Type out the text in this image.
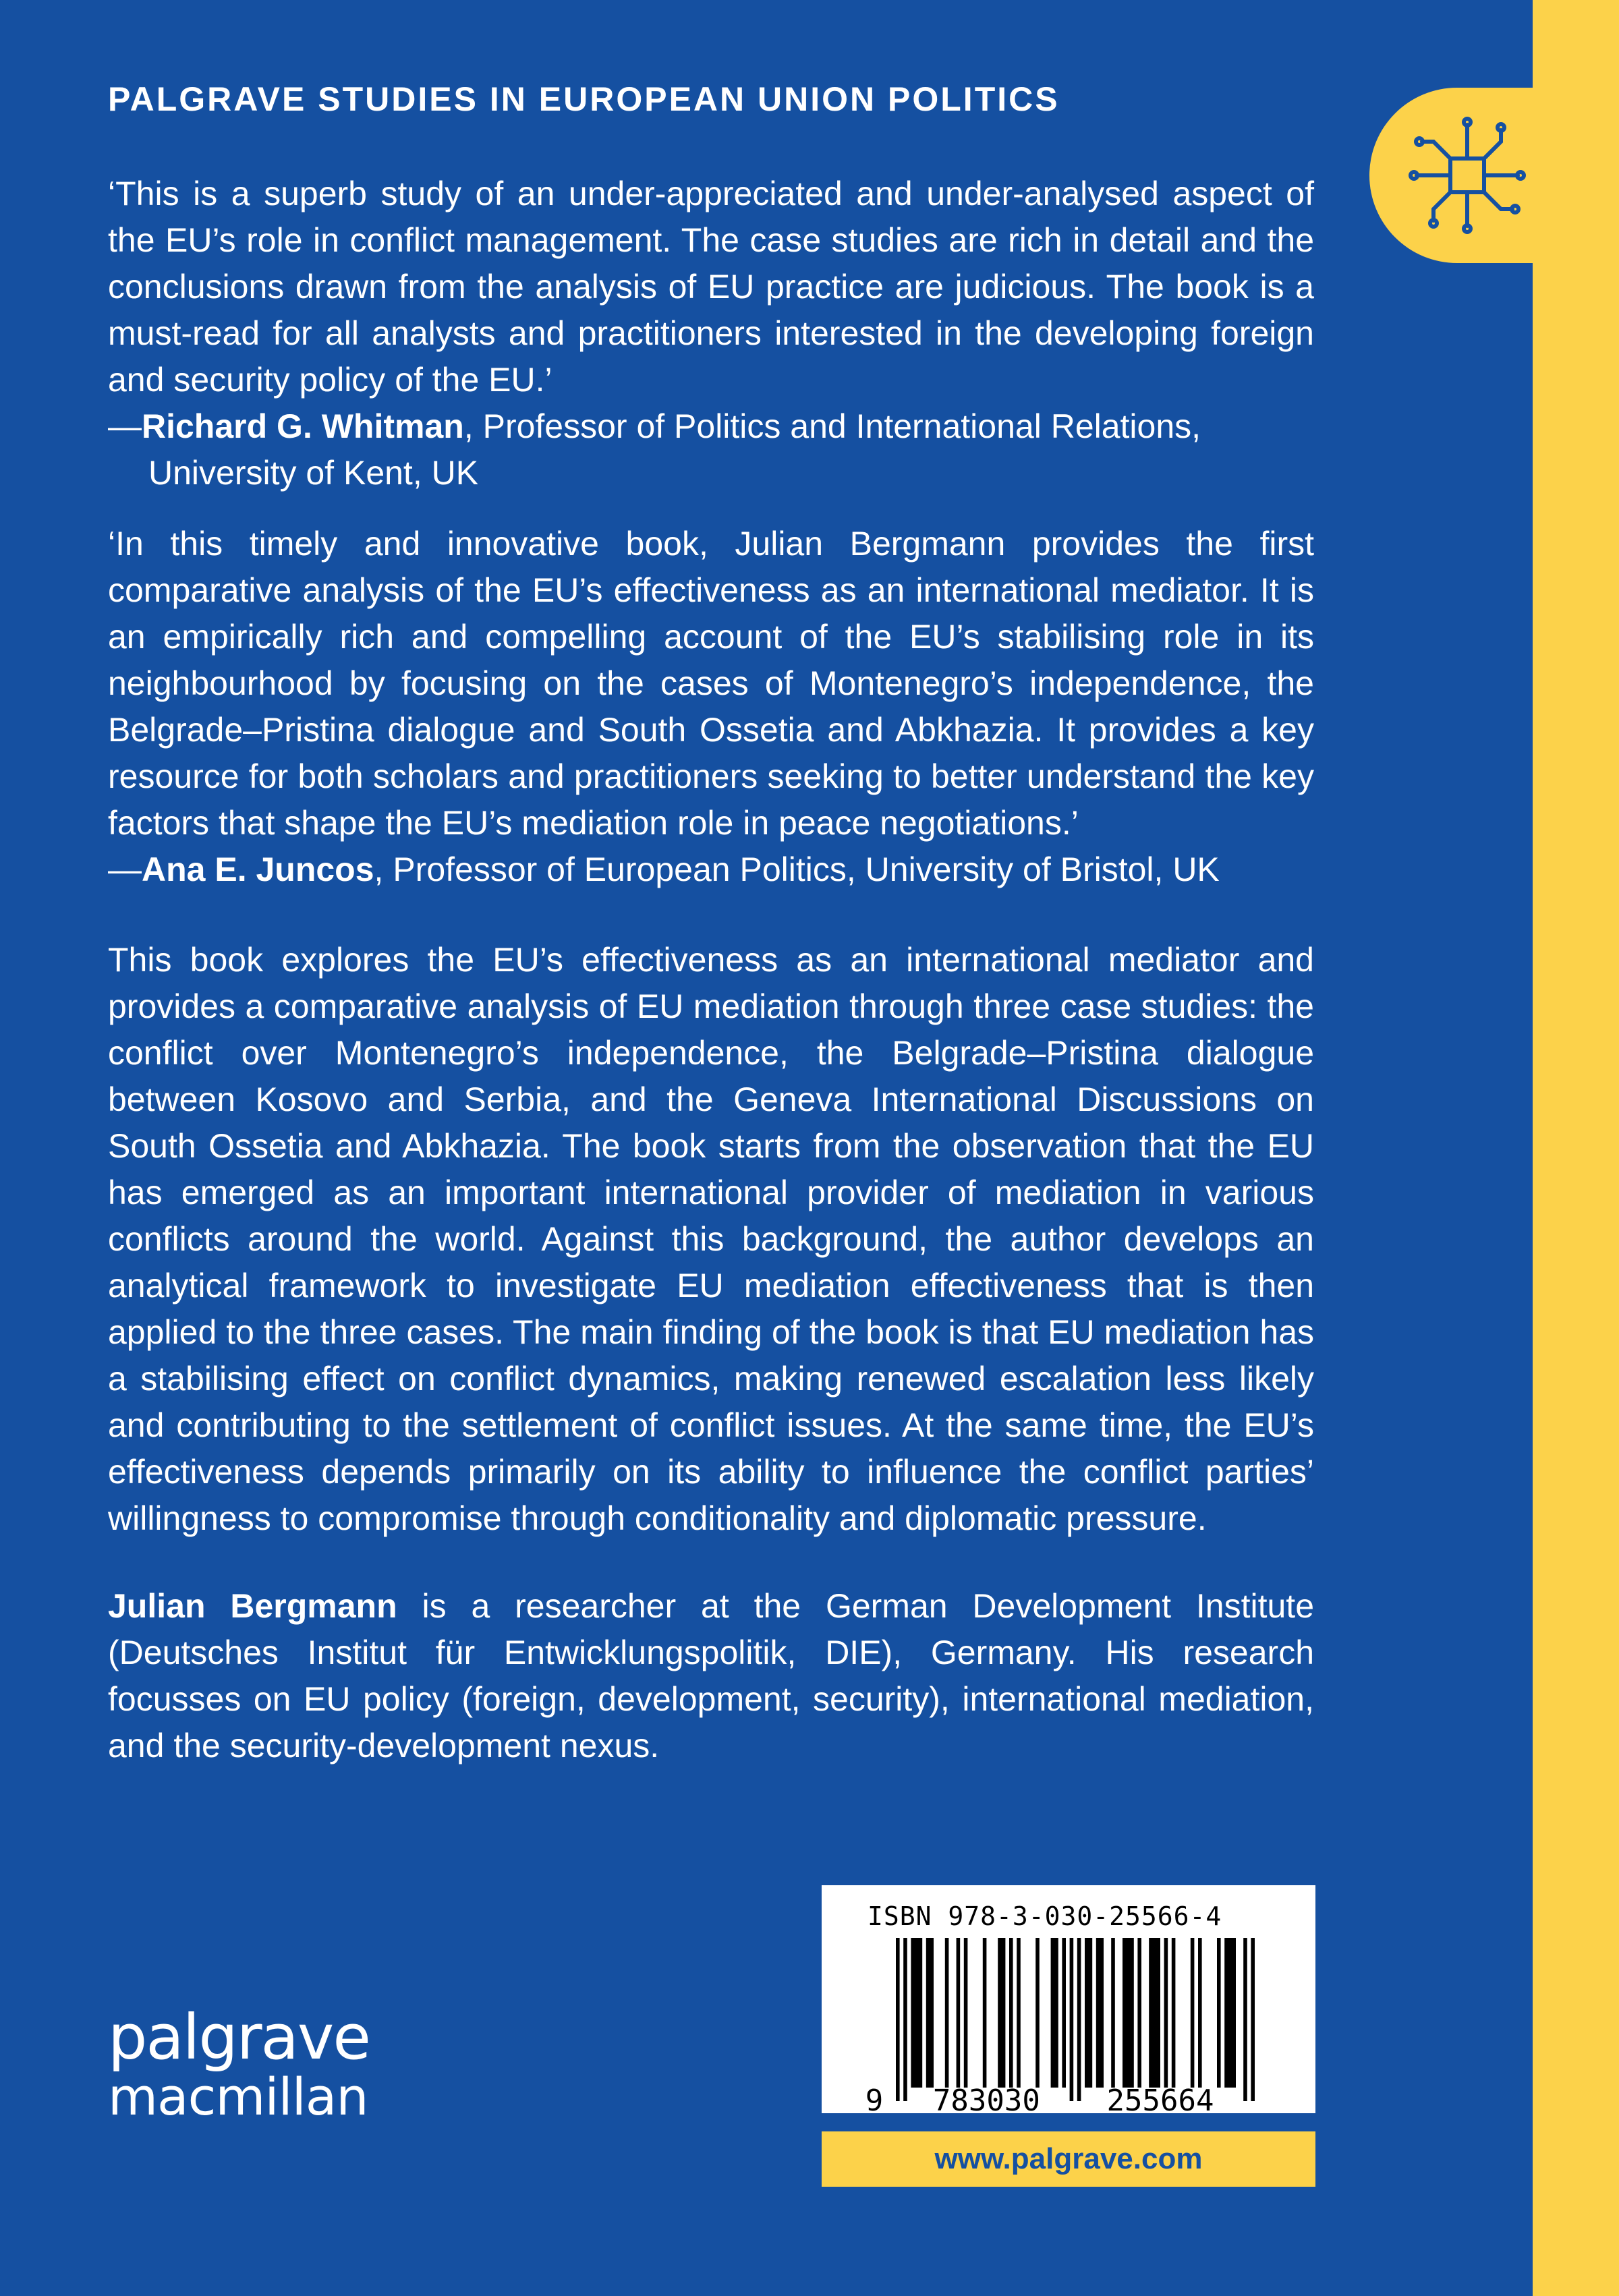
PALGRAVE STUDIES IN EUROPEAN UNION POLITICS
‘This is a superb study of an under-appreciated and under-analysed aspect of the EU’s role in conflict management. The case studies are rich in detail and the conclusions drawn from the analysis of EU practice are judicious. The book is a must-read for all analysts and practitioners interested in the developing foreign and security policy of the EU.’
—Richard G. Whitman, Professor of Politics and International Relations,
University of Kent, UK
‘In this timely and innovative book, Julian Bergmann provides the first comparative analysis of the EU’s effectiveness as an international mediator. It is an empirically rich and compelling account of the EU’s stabilising role in its neighbourhood by focusing on the cases of Montenegro’s independence, the Belgrade–Pristina dialogue and South Ossetia and Abkhazia. It provides a key resource for both scholars and practitioners seeking to better understand the key factors that shape the EU’s mediation role in peace negotiations.’
—Ana E. Juncos, Professor of European Politics, University of Bristol, UK
This book explores the EU’s effectiveness as an international mediator and provides a comparative analysis of EU mediation through three case studies: the conflict over Montenegro’s independence, the Belgrade–Pristina dialogue between Kosovo and Serbia, and the Geneva International Discussions on South Ossetia and Abkhazia. The book starts from the observation that the EU has emerged as an important international provider of mediation in various conflicts around the world. Against this background, the author develops an analytical framework to investigate EU mediation effectiveness that is then applied to the three cases. The main finding of the book is that EU mediation has a stabilising effect on conflict dynamics, making renewed escalation less likely and contributing to the settlement of conflict issues. At the same time, the EU’s effectiveness depends primarily on its ability to influence the conflict parties’ willingness to compromise through conditionality and diplomatic pressure.
Julian Bergmann is a researcher at the German Development Institute (Deutsches Institut für Entwicklungspolitik, DIE), Germany. His research focusses on EU policy (foreign, development, security), international mediation, and the security-development nexus.
palgrave
macmillan
ISBN 978-3-030-25566-4
9 783030 255664
www.palgrave.com
